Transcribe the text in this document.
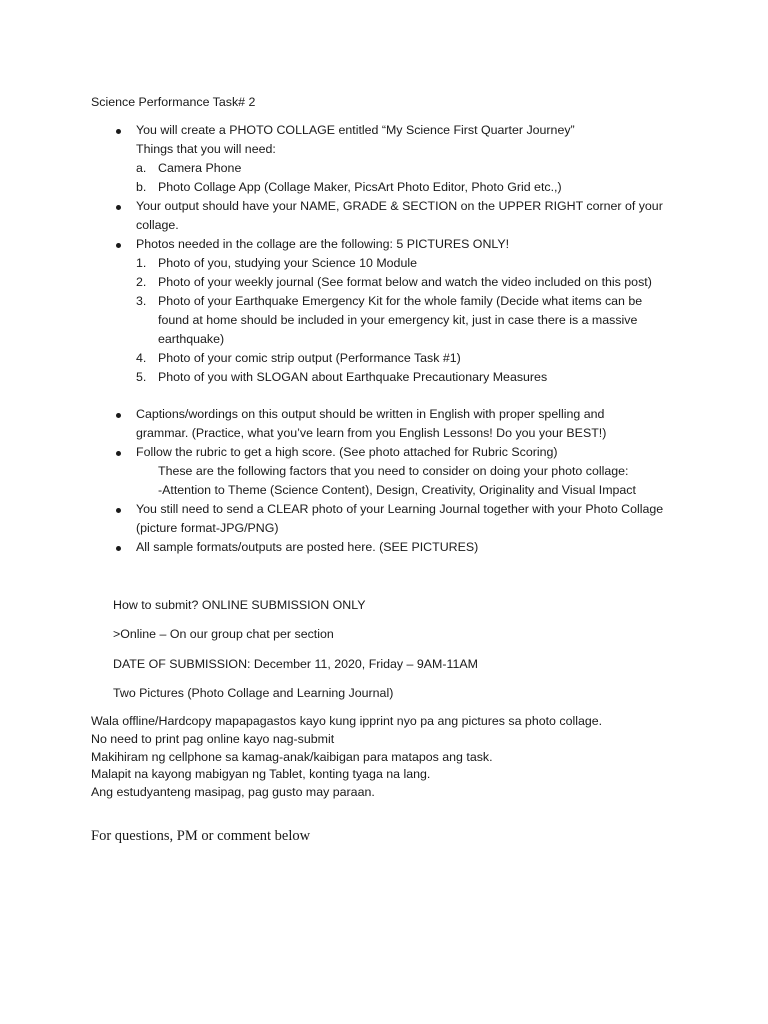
Science Performance Task# 2
You will create a PHOTO COLLAGE entitled “My Science First Quarter Journey”
Things that you will need:
a. Camera Phone
b. Photo Collage App (Collage Maker, PicsArt Photo Editor, Photo Grid etc.,)
Your output should have your NAME, GRADE & SECTION on the UPPER RIGHT corner of your
collage.
Photos needed in the collage are the following: 5 PICTURES ONLY!
1. Photo of you, studying your Science 10 Module
2. Photo of your weekly journal (See format below and watch the video included on this post)
3. Photo of your Earthquake Emergency Kit for the whole family (Decide what items can be
found at home should be included in your emergency kit, just in case there is a massive
earthquake)
4. Photo of your comic strip output (Performance Task #1)
5. Photo of you with SLOGAN about Earthquake Precautionary Measures
Captions/wordings on this output should be written in English with proper spelling and
grammar. (Practice, what you’ve learn from you English Lessons! Do you your BEST!)
Follow the rubric to get a high score. (See photo attached for Rubric Scoring)
These are the following factors that you need to consider on doing your photo collage:
-Attention to Theme (Science Content), Design, Creativity, Originality and Visual Impact
You still need to send a CLEAR photo of your Learning Journal together with your Photo Collage
(picture format-JPG/PNG)
All sample formats/outputs are posted here. (SEE PICTURES)
How to submit? ONLINE SUBMISSION ONLY
>Online – On our group chat per section
DATE OF SUBMISSION: December 11, 2020, Friday – 9AM-11AM
Two Pictures (Photo Collage and Learning Journal)
Wala offline/Hardcopy mapapagastos kayo kung ipprint nyo pa ang pictures sa photo collage.
No need to print pag online kayo nag-submit
Makihiram ng cellphone sa kamag-anak/kaibigan para matapos ang task.
Malapit na kayong mabigyan ng Tablet, konting tyaga na lang.
Ang estudyanteng masipag, pag gusto may paraan.
For questions, PM or comment below
